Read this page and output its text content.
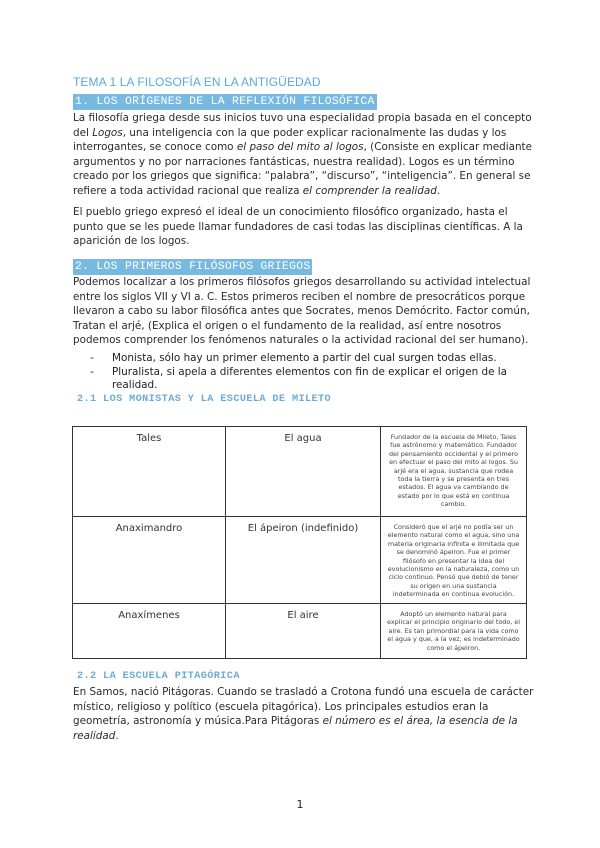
TEMA 1 LA FILOSOFÍA EN LA ANTIGÜEDAD
1. LOS ORÍGENES DE LA REFLEXIÓN FILOSÓFICA

La filosofía griega desde sus inicios tuvo una especialidad propia basada en el concepto del Logos, una inteligencia con la que poder explicar racionalmente las dudas y los interrogantes, se conoce como el paso del mito al logos, (Consiste en explicar mediante argumentos y no por narraciones fantásticas, nuestra realidad). Logos es un término creado por los griegos que significa: “palabra”, “discurso”, “inteligencia”. En general se refiere a toda actividad racional que realiza el comprender la realidad.

El pueblo griego expresó el ideal de un conocimiento filosófico organizado, hasta el punto que se les puede llamar fundadores de casi todas las disciplinas científicas. A la aparición de los logos.

2. LOS PRIMEROS FILÓSOFOS GRIEGOS

Podemos localizar a los primeros filósofos griegos desarrollando su actividad intelectual entre los siglos VII y VI a. C. Estos primeros reciben el nombre de presocráticos porque llevaron a cabo su labor filosófica antes que Socrates, menos Demócrito. Factor común, Tratan el arjé, (Explica el origen o el fundamento de la realidad, así entre nosotros podemos comprender los fenómenos naturales o la actividad racional del ser humano).

- Monista, sólo hay un primer elemento a partir del cual surgen todas ellas.
- Pluralista, si apela a diferentes elementos con fin de explicar el origen de la realidad.
2.1 LOS MONISTAS Y LA ESCUELA DE MILETO
Tales	El agua	Fundador de la escuela de Mileto, Tales fue astrónomo y matemático. Fundador del pensamiento occidental y el primero en efectuar el paso del mito al logos. Su arjé era el agua, sustancia que rodea toda la tierra y se presenta en tres estados. El agua va cambiando de estado por lo que está en continua cambio.
Anaximandro	El ápeiron (indefinido)	Consideró que el arjé no podía ser un elemento natural como el agua, sino una materia originaria infinita e ilimitada que se denominó ápeiron. Fue el primer filósofo en presentar la idea del evolucionismo en la naturaleza, como un ciclo continuo. Pensó que debió de tener su origen en una sustancia indeterminada en continua evolución.
Anaxímenes	El aire	Adoptó un elemento natural para explicar el principio originario del todo, el aire. Es tan primordial para la vida como el agua y que, a la vez, es indeterminado como el ápeiron.
2.2 LA ESCUELA PITAGÓRICA

En Samos, nació Pitágoras. Cuando se trasladó a Crotona fundó una escuela de carácter místico, religioso y político (escuela pitagórica). Los principales estudios eran la geometría, astronomía y música.Para Pitágoras el número es el área, la esencia de la realidad.

1
